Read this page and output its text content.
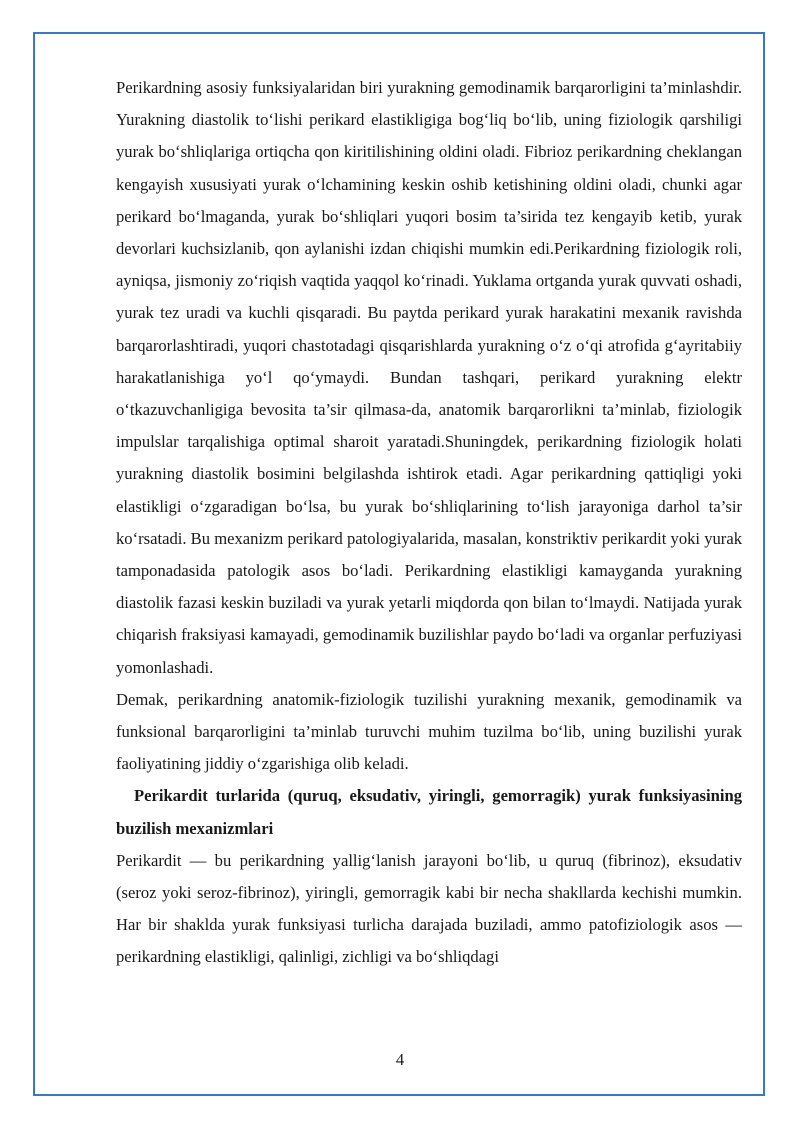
Perikardning asosiy funksiyalaridan biri yurakning gemodinamik barqarorligini ta’minlashdir. Yurakning diastolik to‘lishi perikard elastikligiga bog‘liq bo‘lib, uning fiziologik qarshiligi yurak bo‘shliqlariga ortiqcha qon kiritilishining oldini oladi. Fibrioz perikardning cheklangan kengayish xususiyati yurak o‘lchamining keskin oshib ketishining oldini oladi, chunki agar perikard bo‘lmaganda, yurak bo‘shliqlari yuqori bosim ta’sirida tez kengayib ketib, yurak devorlari kuchsizlanib, qon aylanishi izdan chiqishi mumkin edi.Perikardning fiziologik roli, ayniqsa, jismoniy zo‘riqish vaqtida yaqqol ko‘rinadi. Yuklama ortganda yurak quvvati oshadi, yurak tez uradi va kuchli qisqaradi. Bu paytda perikard yurak harakatini mexanik ravishda barqarorlashtiradi, yuqori chastotadagi qisqarishlarda yurakning o‘z o‘qi atrofida g‘ayritabiiy harakatlanishiga yo‘l qo‘ymaydi. Bundan tashqari, perikard yurakning elektr o‘tkazuvchanligiga bevosita ta’sir qilmasa-da, anatomik barqarorlikni ta’minlab, fiziologik impulslar tarqalishiga optimal sharoit yaratadi.Shuningdek, perikardning fiziologik holati yurakning diastolik bosimini belgilashda ishtirok etadi. Agar perikardning qattiqligi yoki elastikligi o‘zgaradigan bo‘lsa, bu yurak bo‘shliqlarining to‘lish jarayoniga darhol ta’sir ko‘rsatadi. Bu mexanizm perikard patologiyalarida, masalan, konstriktiv perikardit yoki yurak tamponadasida patologik asos bo‘ladi. Perikardning elastikligi kamayganda yurakning diastolik fazasi keskin buziladi va yurak yetarli miqdorda qon bilan to‘lmaydi. Natijada yurak chiqarish fraksiyasi kamayadi, gemodinamik buzilishlar paydo bo‘ladi va organlar perfuziyasi yomonlashadi.

Demak, perikardning anatomik-fiziologik tuzilishi yurakning mexanik, gemodinamik va funksional barqarorligini ta’minlab turuvchi muhim tuzilma bo‘lib, uning buzilishi yurak faoliyatining jiddiy o‘zgarishiga olib keladi.

Perikardit turlarida (quruq, eksudativ, yiringli, gemorragik) yurak funksiyasining buzilish mexanizmlari

Perikardit — bu perikardning yallig‘lanish jarayoni bo‘lib, u quruq (fibrinoz), eksudativ (seroz yoki seroz-fibrinoz), yiringli, gemorragik kabi bir necha shakllarda kechishi mumkin. Har bir shaklda yurak funksiyasi turlicha darajada buziladi, ammo patofiziologik asos — perikardning elastikligi, qalinligi, zichligi va bo‘shliqdagi

4
